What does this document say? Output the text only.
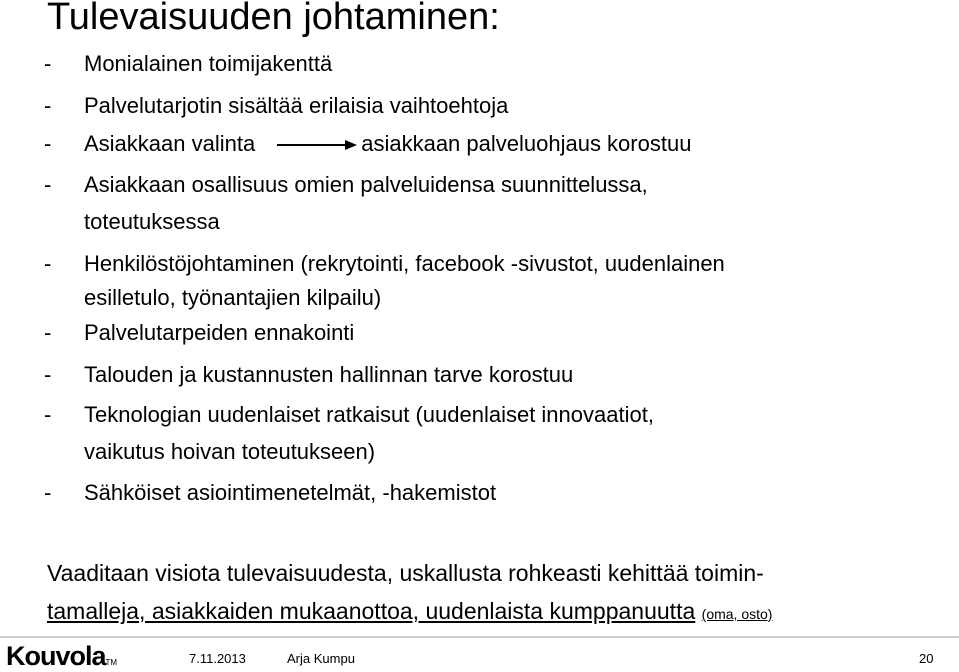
Tulevaisuuden johtaminen:
- Monialainen toimijakenttä
- Palvelutarjotin sisältää erilaisia vaihtoehtoja
- Asiakkaan valinta	asiakkaan palveluohjaus korostuu
- Asiakkaan osallisuus omien palveluidensa suunnittelussa,
toteutuksessa
- Henkilöstöjohtaminen (rekrytointi, facebook -sivustot, uudenlainen
esilletulo, työnantajien kilpailu)
- Palvelutarpeiden ennakointi
- Talouden ja kustannusten hallinnan tarve korostuu
- Teknologian uudenlaiset ratkaisut (uudenlaiset innovaatiot,
vaikutus hoivan toteutukseen)
- Sähköiset asiointimenetelmät, -hakemistot
Vaaditaan visiota tulevaisuudesta, uskallusta rohkeasti kehittää toimin-
tamalleja, asiakkaiden mukaanottoa, uudenlaista kumppanuutta (oma, osto)
KouvolaTM	7.11.2013	Arja Kumpu	20
